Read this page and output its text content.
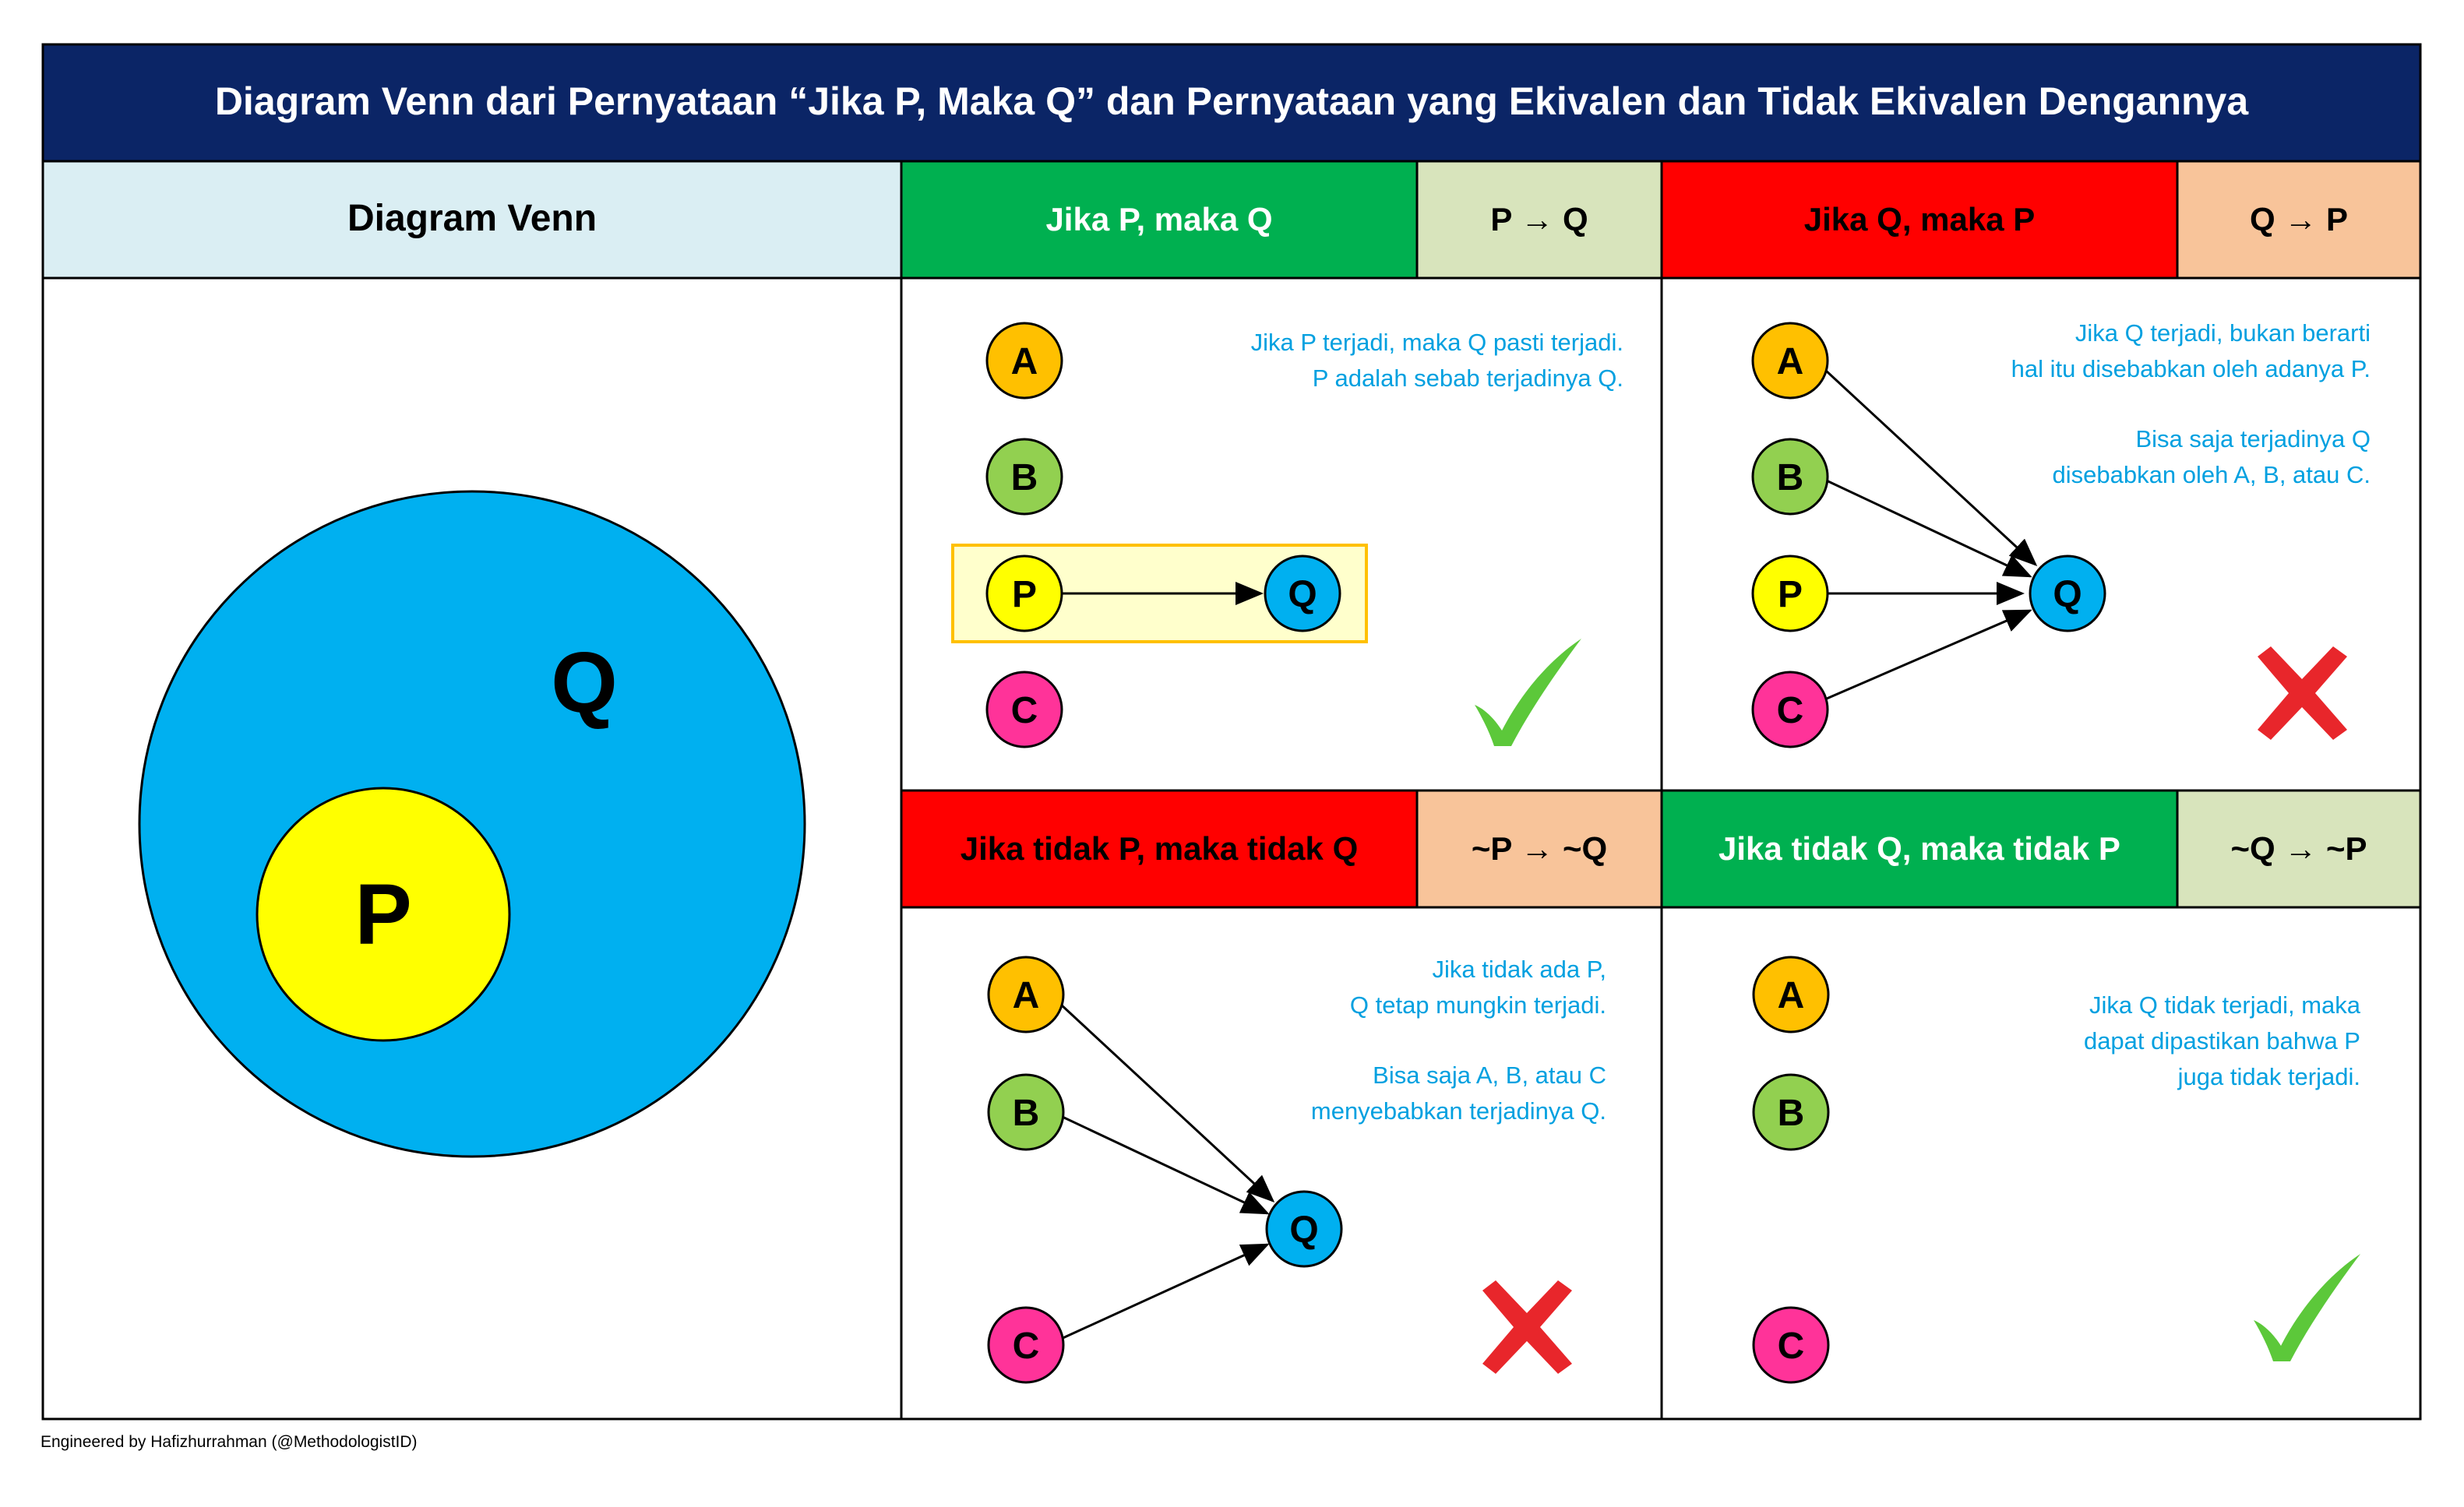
Diagram Venn dari Pernyataan “Jika P, Maka Q” dan Pernyataan yang Ekivalen dan Tidak Ekivalen Dengannya
Diagram Venn
Q
P
Jika P, maka Q	P → Q	Jika Q, maka P	Q → P
Jika tidak P, maka tidak Q	~P → ~Q	Jika tidak Q, maka tidak P	~Q → ~P
A
B
P
C
Q
Jika P terjadi, maka Q pasti terjadi.
P adalah sebab terjadinya Q.	A
B
P
C
Q
Jika Q terjadi, bukan berarti
hal itu disebabkan oleh adanya P.
Bisa saja terjadinya Q
disebabkan oleh A, B, atau C.
A
B
C
Q
Jika tidak ada P,
Q tetap mungkin terjadi.
Bisa saja A, B, atau C
menyebabkan terjadinya Q.
A
B
C
Jika Q tidak terjadi, maka
dapat dipastikan bahwa P
juga tidak terjadi.
Engineered by Hafizhurrahman (@MethodologistID)
